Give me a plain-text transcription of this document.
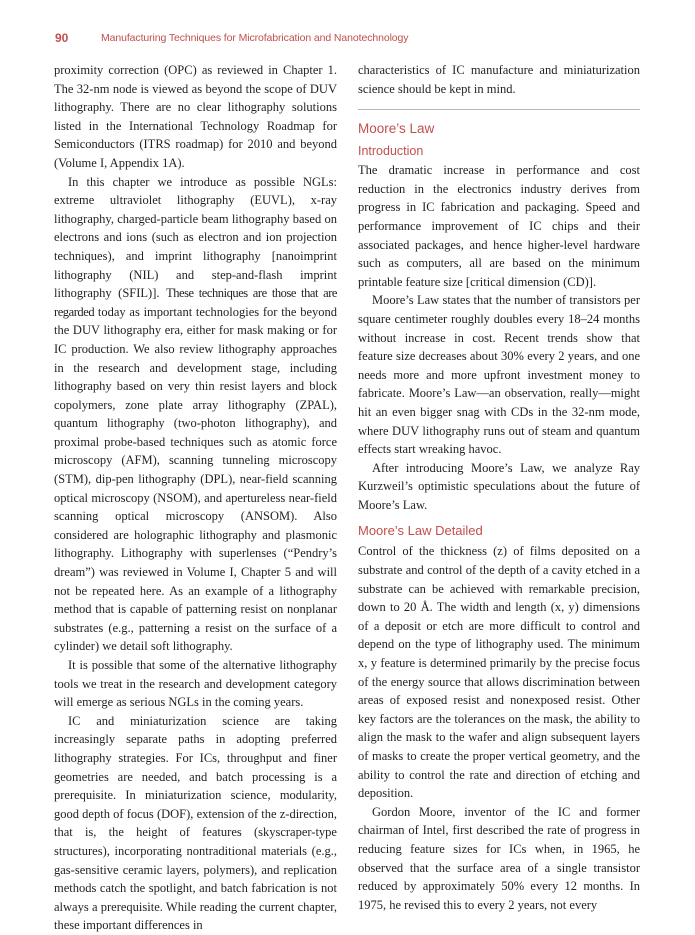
90	Manufacturing Techniques for Microfabrication and Nanotechnology

proximity correction (OPC) as reviewed in Chapter 1. The 32-nm node is viewed as beyond the scope of DUV lithography. There are no clear lithography solutions listed in the International Technology Roadmap for Semiconductors (ITRS roadmap) for 2010 and beyond (Volume I, Appendix 1A).

In this chapter we introduce as possible NGLs: extreme ultraviolet lithography (EUVL), x-ray lithography, charged-particle beam lithography based on electrons and ions (such as electron and ion projection techniques), and imprint lithography [nanoimprint lithography (NIL) and step-and-flash imprint lithography (SFIL)]. These techniques are those that are regarded today as important technologies for the beyond the DUV lithography era, either for mask making or for IC production. We also review lithography approaches in the research and development stage, including lithography based on very thin resist layers and block copolymers, zone plate array lithography (ZPAL), quantum lithography (two-photon lithography), and proximal probe-based techniques such as atomic force microscopy (AFM), scanning tunneling microscopy (STM), dip-pen lithography (DPL), near-field scanning optical microscopy (NSOM), and apertureless near-field scanning optical microscopy (ANSOM). Also considered are holographic lithography and plasmonic lithography. Lithography with superlenses (“Pendry’s dream”) was reviewed in Volume I, Chapter 5 and will not be repeated here. As an example of a lithography method that is capable of patterning resist on nonplanar substrates (e.g., patterning a resist on the surface of a cylinder) we detail soft lithography.

It is possible that some of the alternative lithography tools we treat in the research and development category will emerge as serious NGLs in the coming years.

IC and miniaturization science are taking increasingly separate paths in adopting preferred lithography strategies. For ICs, throughput and finer geometries are needed, and batch processing is a prerequisite. In miniaturization science, modularity, good depth of focus (DOF), extension of the z-direction, that is, the height of features (skyscraper-type structures), incorporating nontraditional materials (e.g., gas-sensitive ceramic layers, polymers), and replication methods catch the spotlight, and batch fabrication is not always a prerequisite. While reading the current chapter, these important differences in

characteristics of IC manufacture and miniaturization science should be kept in mind.

Moore’s Law
Introduction

The dramatic increase in performance and cost reduction in the electronics industry derives from progress in IC fabrication and packaging. Speed and performance improvement of IC chips and their associated packages, and hence higher-level hardware such as computers, all are based on the minimum printable feature size [critical dimension (CD)].

Moore’s Law states that the number of transistors per square centimeter roughly doubles every 18–24 months without increase in cost. Recent trends show that feature size decreases about 30% every 2 years, and one needs more and more upfront investment money to fabricate. Moore’s Law—an observation, really—might hit an even bigger snag with CDs in the 32-nm mode, where DUV lithography runs out of steam and quantum effects start wreaking havoc.

After introducing Moore’s Law, we analyze Ray Kurzweil’s optimistic speculations about the future of Moore’s Law.

Moore’s Law Detailed

Control of the thickness (z) of films deposited on a substrate and control of the depth of a cavity etched in a substrate can be achieved with remarkable precision, down to 20 Å. The width and length (x, y) dimensions of a deposit or etch are more difficult to control and depend on the type of lithography used. The minimum x, y feature is determined primarily by the precise focus of the energy source that allows discrimination between areas of exposed resist and nonexposed resist. Other key factors are the tolerances on the mask, the ability to align the mask to the wafer and align subsequent layers of masks to create the proper vertical geometry, and the ability to control the rate and direction of etching and deposition.

Gordon Moore, inventor of the IC and former chairman of Intel, first described the rate of progress in reducing feature sizes for ICs when, in 1965, he observed that the surface area of a single transistor reduced by approximately 50% every 12 months. In 1975, he revised this to every 2 years, not every
